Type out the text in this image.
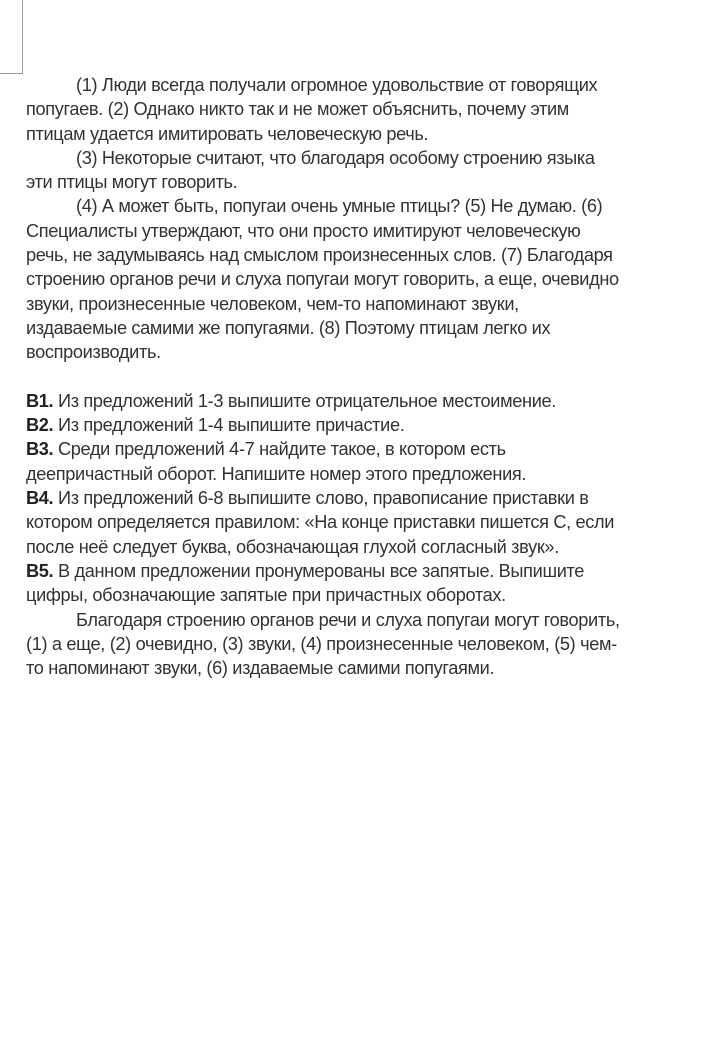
(1) Люди всегда получали огромное удовольствие от говорящих
попугаев. (2) Однако никто так и не может объяснить, почему этим
птицам удается имитировать человеческую речь.
(3) Некоторые считают, что благодаря особому строению языка
эти птицы могут говорить.
(4) А может быть, попугаи очень умные птицы? (5) Не думаю. (6)
Специалисты утверждают, что они просто имитируют человеческую
речь, не задумываясь над смыслом произнесенных слов. (7) Благодаря
строению органов речи и слуха попугаи могут говорить, а еще, очевидно
звуки, произнесенные человеком, чем-то напоминают звуки,
издаваемые самими же попугаями. (8) Поэтому птицам легко их
воспроизводить.
В1. Из предложений 1-3 выпишите отрицательное местоимение.
В2. Из предложений 1-4 выпишите причастие.
В3. Среди предложений 4-7 найдите такое, в котором есть
деепричастный оборот. Напишите номер этого предложения.
В4. Из предложений 6-8 выпишите слово, правописание приставки в
котором определяется правилом: «На конце приставки пишется С, если
после неё следует буква, обозначающая глухой согласный звук».
В5. В данном предложении пронумерованы все запятые. Выпишите
цифры, обозначающие запятые при причастных оборотах.
Благодаря строению органов речи и слуха попугаи могут говорить,
(1) а еще, (2) очевидно, (3) звуки, (4) произнесенные человеком, (5) чем-
то напоминают звуки, (6) издаваемые самими попугаями.
